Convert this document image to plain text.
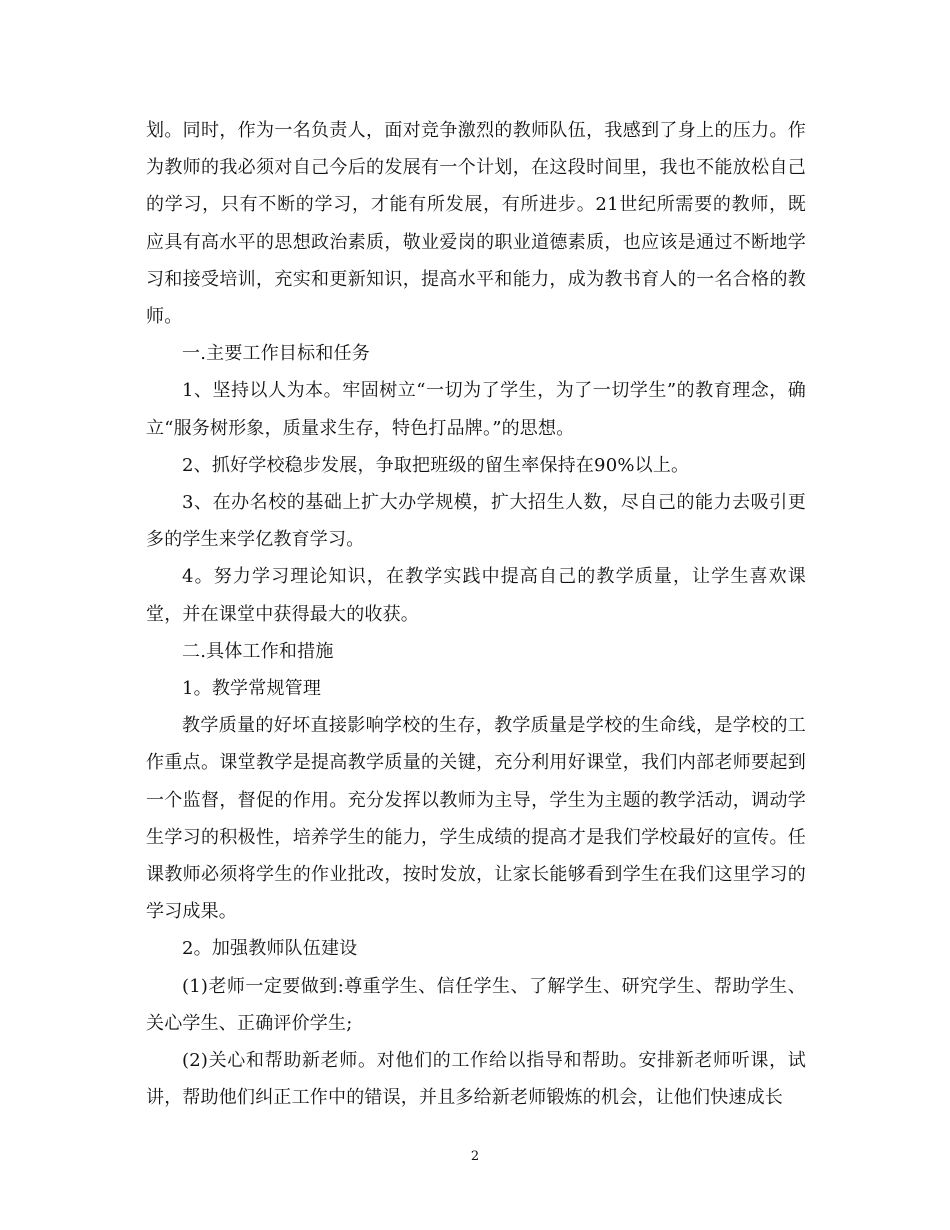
划。同时，作为一名负责人，面对竞争激烈的教师队伍，我感到了身上的压力。作为教师的我必须对自己今后的发展有一个计划，在这段时间里，我也不能放松自己的学习，只有不断的学习，才能有所发展，有所进步。21世纪所需要的教师，既应具有高水平的思想政治素质，敬业爱岗的职业道德素质，也应该是通过不断地学习和接受培训，充实和更新知识，提高水平和能力，成为教书育人的一名合格的教师。

一.主要工作目标和任务

1、坚持以人为本。牢固树立“一切为了学生，为了一切学生”的教育理念，确立“服务树形象，质量求生存，特色打品牌。”的思想。

2、抓好学校稳步发展，争取把班级的留生率保持在90%以上。

3、在办名校的基础上扩大办学规模，扩大招生人数，尽自己的能力去吸引更多的学生来学亿教育学习。

4。努力学习理论知识，在教学实践中提高自己的教学质量，让学生喜欢课堂，并在课堂中获得最大的收获。

二.具体工作和措施

1。教学常规管理

教学质量的好坏直接影响学校的生存，教学质量是学校的生命线，是学校的工作重点。课堂教学是提高教学质量的关键，充分利用好课堂，我们内部老师要起到一个监督，督促的作用。充分发挥以教师为主导，学生为主题的教学活动，调动学生学习的积极性，培养学生的能力，学生成绩的提高才是我们学校最好的宣传。任课教师必须将学生的作业批改，按时发放，让家长能够看到学生在我们这里学习的学习成果。

2。加强教师队伍建设

(1)老师一定要做到:尊重学生、信任学生、了解学生、研究学生、帮助学生、关心学生、正确评价学生;

(2)关心和帮助新老师。对他们的工作给以指导和帮助。安排新老师听课，试讲，帮助他们纠正工作中的错误，并且多给新老师锻炼的机会，让他们快速成长

2
